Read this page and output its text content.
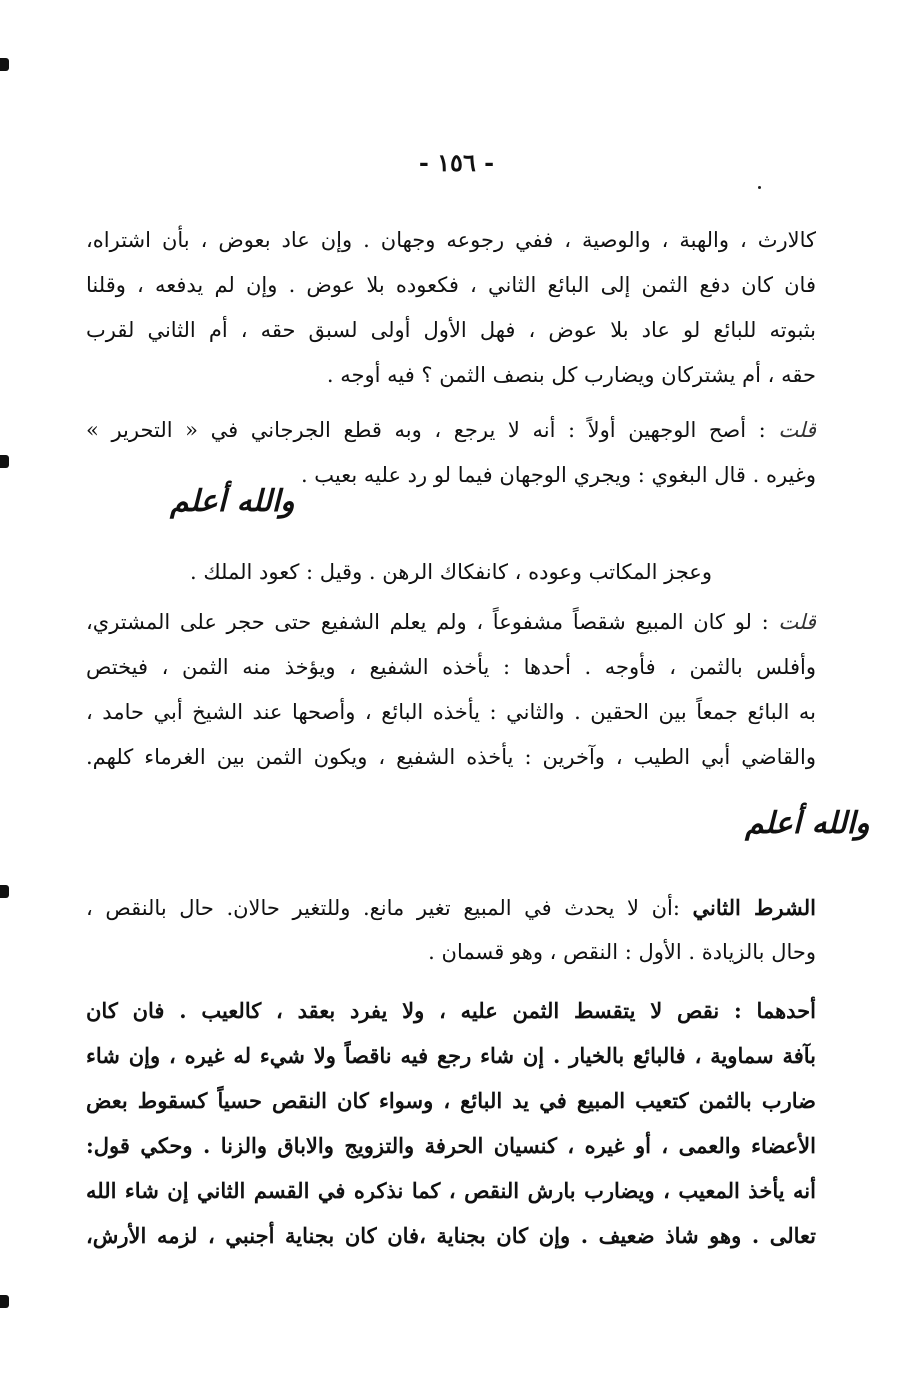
- ١٥٦ -
كالارث ، والهبة ، والوصية ، ففي رجوعه وجهان . وإن عاد بعوض ، بأن اشتراه،
فان كان دفع الثمن إلى البائع الثاني ، فكعوده بلا عوض . وإن لم يدفعه ، وقلنا
بثبوته للبائع لو عاد بلا عوض ، فهل الأول أولى لسبق حقه ، أم الثاني لقرب
حقه ، أم يشتركان ويضارب كل بنصف الثمن ؟ فيه أوجه .
قلت : أصح الوجهين أولاً : أنه لا يرجع ، وبه قطع الجرجاني في « التحرير »
وغيره . قال البغوي : ويجري الوجهان فيما لو رد عليه بعيب .
والله أعلم
وعجز المكاتب وعوده ، كانفكاك الرهن . وقيل : كعود الملك .
قلت : لو كان المبيع شقصاً مشفوعاً ، ولم يعلم الشفيع حتى حجر على المشتري،
وأفلس بالثمن ، فأوجه . أحدها : يأخذه الشفيع ، ويؤخذ منه الثمن ، فيختص
به البائع جمعاً بين الحقين . والثاني : يأخذه البائع ، وأصحها عند الشيخ أبي حامد ،
والقاضي أبي الطيب ، وآخرين : يأخذه الشفيع ، ويكون الثمن بين الغرماء كلهم.
والله أعلم
الشرط الثاني :أن لا يحدث في المبيع تغير مانع. وللتغير حالان. حال بالنقص ،
وحال بالزيادة . الأول : النقص ، وهو قسمان .
أحدهما : نقص لا يتقسط الثمن عليه ، ولا يفرد بعقد ، كالعيب . فان كان
بآفة سماوية ، فالبائع بالخيار . إن شاء رجع فيه ناقصاً ولا شيء له غيره ، وإن شاء
ضارب بالثمن كتعيب المبيع في يد البائع ، وسواء كان النقص حسياً كسقوط بعض
الأعضاء والعمى ، أو غيره ، كنسيان الحرفة والتزويج والاباق والزنا . وحكي قول:
أنه يأخذ المعيب ، ويضارب بارش النقص ، كما نذكره في القسم الثاني إن شاء الله
تعالى . وهو شاذ ضعيف . وإن كان بجناية ،فان كان بجناية أجنبي ، لزمه الأرش،
